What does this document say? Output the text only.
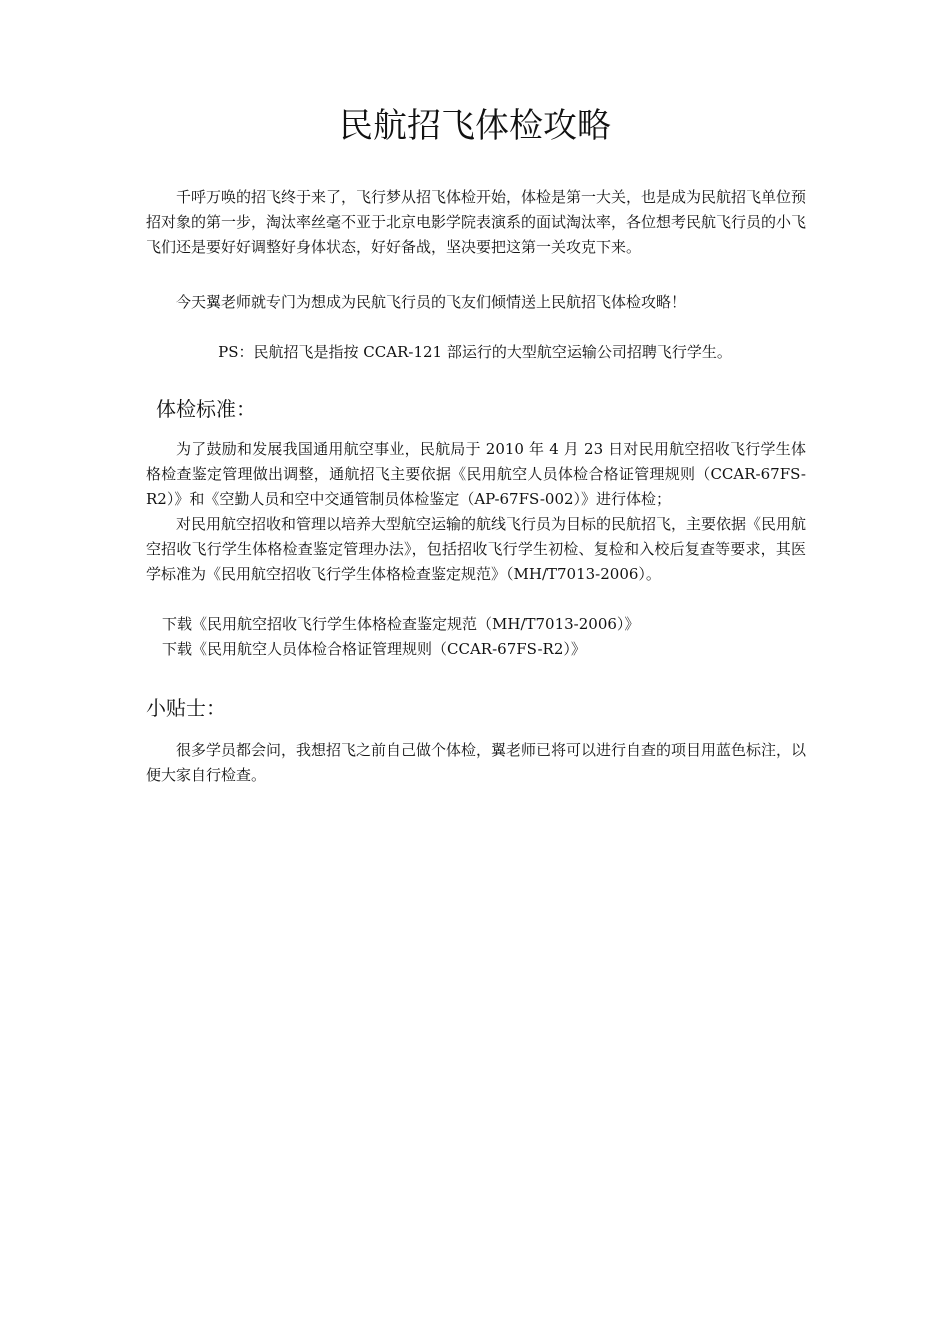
民航招飞体检攻略

千呼万唤的招飞终于来了，飞行梦从招飞体检开始，体检是第一大关，也是成为民航招飞单位预招对象的第一步，淘汰率丝毫不亚于北京电影学院表演系的面试淘汰率，各位想考民航飞行员的小飞飞们还是要好好调整好身体状态，好好备战，坚决要把这第一关攻克下来。

今天翼老师就专门为想成为民航飞行员的飞友们倾情送上民航招飞体检攻略！

PS：民航招飞是指按 CCAR-121 部运行的大型航空运输公司招聘飞行学生。

体检标准：

为了鼓励和发展我国通用航空事业，民航局于 2010 年 4 月 23 日对民用航空招收飞行学生体格检查鉴定管理做出调整，通航招飞主要依据《民用航空人员体检合格证管理规则（CCAR-67FS-R2）》和《空勤人员和空中交通管制员体检鉴定（AP-67FS-002）》进行体检；

对民用航空招收和管理以培养大型航空运输的航线飞行员为目标的民航招飞，主要依据《民用航空招收飞行学生体格检查鉴定管理办法》，包括招收飞行学生初检、复检和入校后复查等要求，其医学标准为《民用航空招收飞行学生体格检查鉴定规范》（MH/T7013-2006）。

下载《民用航空招收飞行学生体格检查鉴定规范（MH/T7013-2006）》

下载《民用航空人员体检合格证管理规则（CCAR-67FS-R2）》

小贴士：

很多学员都会问，我想招飞之前自己做个体检，翼老师已将可以进行自查的项目用蓝色标注，以便大家自行检查。
